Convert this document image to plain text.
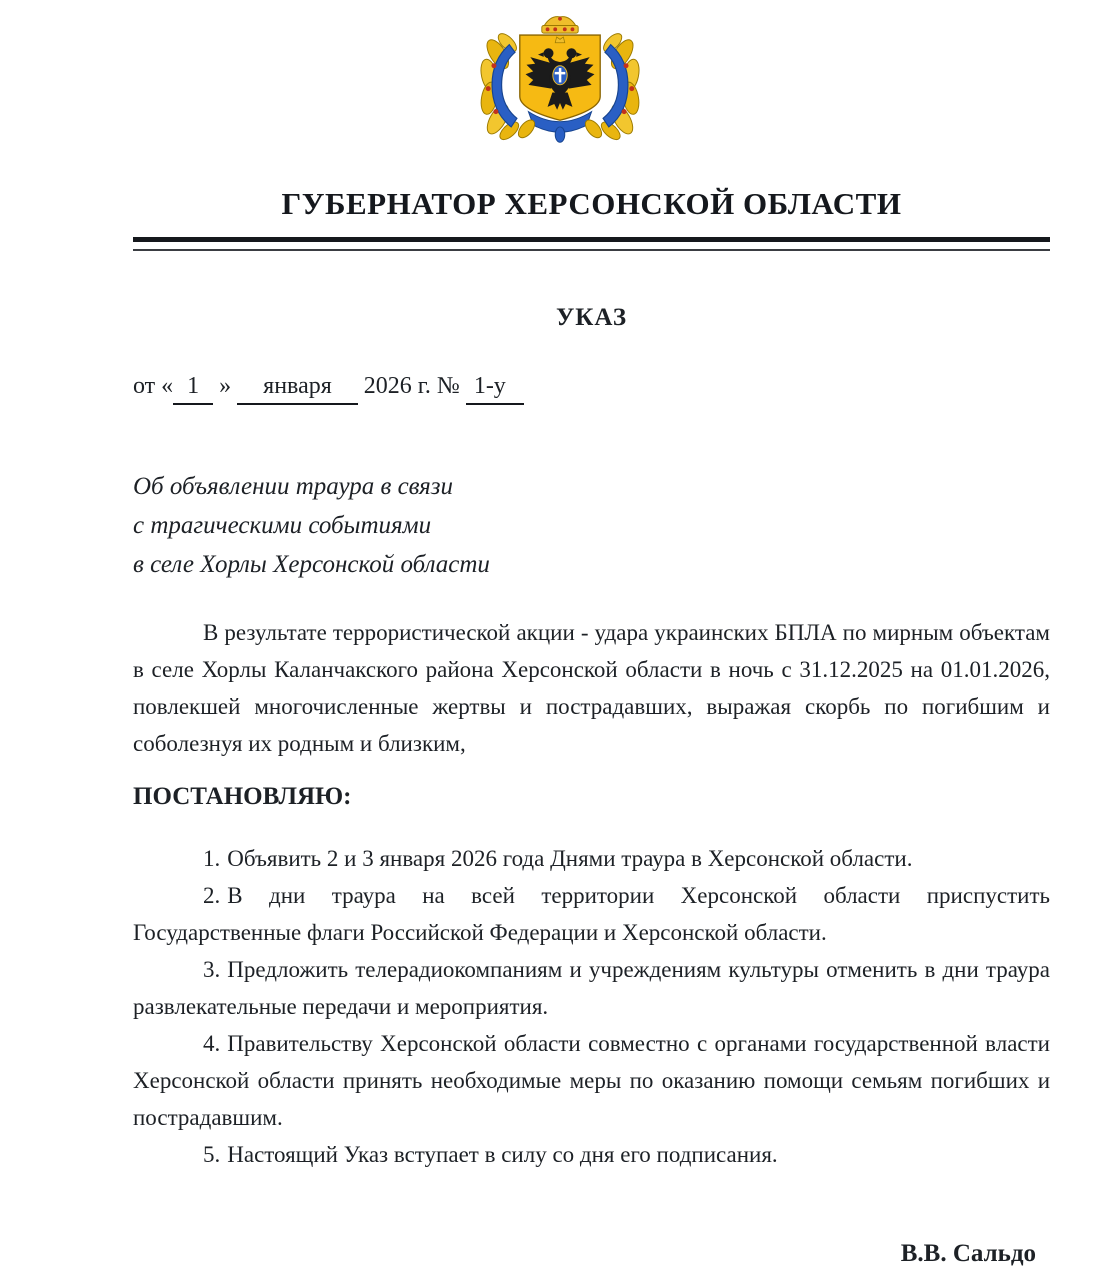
ГУБЕРНАТОР ХЕРСОНСКОЙ ОБЛАСТИ
УКАЗ
от « 1 » января 2026 г. № 1-у
Об объявлении траура в связи
с трагическими событиями
в селе Хорлы Херсонской области

В результате террористической акции - удара украинских БПЛА по мирным объектам в селе Хорлы Каланчакского района Херсонской области в ночь с 31.12.2025 на 01.01.2026, повлекшей многочисленные жертвы и пострадавших, выражая скорбь по погибшим и соболезнуя их родным и близким,

ПОСТАНОВЛЯЮ:

1. Объявить 2 и 3 января 2026 года Днями траура в Херсонской области.

2. В дни траура на всей территории Херсонской области приспустить Государственные флаги Российской Федерации и Херсонской области.

3. Предложить телерадиокомпаниям и учреждениям культуры отменить в дни траура развлекательные передачи и мероприятия.

4. Правительству Херсонской области совместно с органами государственной власти Херсонской области принять необходимые меры по оказанию помощи семьям погибших и пострадавшим.

5. Настоящий Указ вступает в силу со дня его подписания.

В.В. Сальдо
